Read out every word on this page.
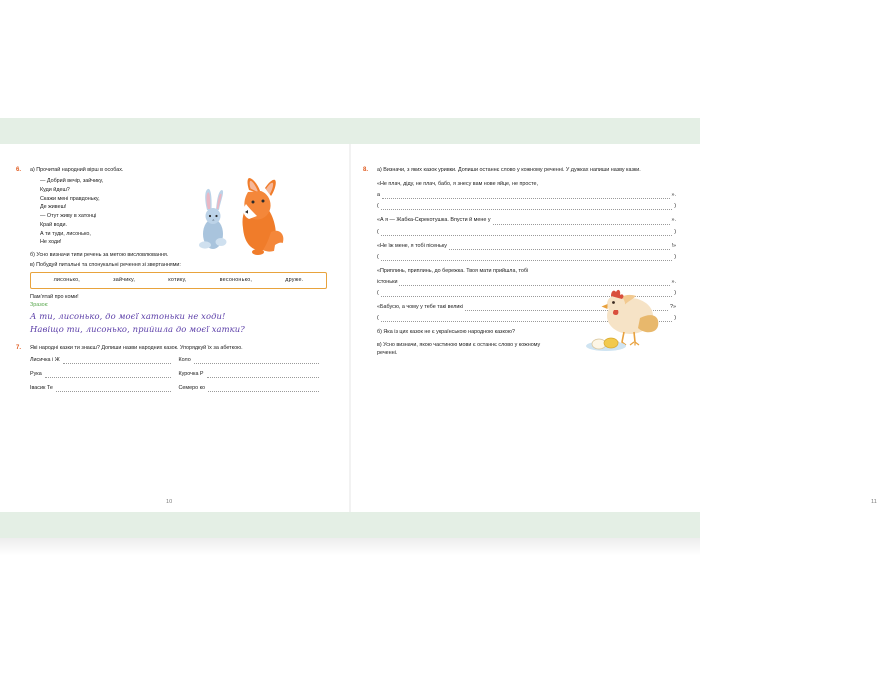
6. а) Прочитай народний вірш в особах.

— Добрий вечір, зайчику,
Куди йдеш?
Скажи мені правдоньку,
Де живеш!
— Отут живу в хатонці
Край води.
А ти туди, лисонько,
Не ходи!

б) Усно визначи типи речень за метою висловлювання.

в) Побудуй питальні та спонукальні речення зі звертаннями:

лисонько,	зайчику,	котику,	весононько,	друже.

Пам’ятай про коми!

Зразок:

А ти, лисонько, до моєї хатоньки не ходи!
Навіщо ти, лисонько, прийшла до моєї хатки?
7. Які народні казки ти знаєш? Допиши назви народних казок. Упорядкуй їх за абеткою.

Лисичка і Ж	Коло
Рука	Курочка Р
Івасик Те	Семеро ко
10
8. а) Визначи, з яких казок уривки. Допиши останнє слово у кожному реченні. У дужках напиши назву казки.

«Не плач, діду, не плач, бабо, я знесу вам нове яйце, не просте,
а	».
(	)
«А я — Жабка-Скрекотушка. Впусти й мене у	».
(	)
«Не їж мене, я тобі пісеньку	!»
(	)
«Приплинь, приплинь, до бережка. Твоя мати прийшла, тобі
істоньки	».
(	)
«Бабусю, а чому у тебе такі великі	?»
(	)

б) Яка із цих казок не є українською народною казкою?

в) Усно визначи, якою частиною мови є останнє слово у кожному реченні.

11
